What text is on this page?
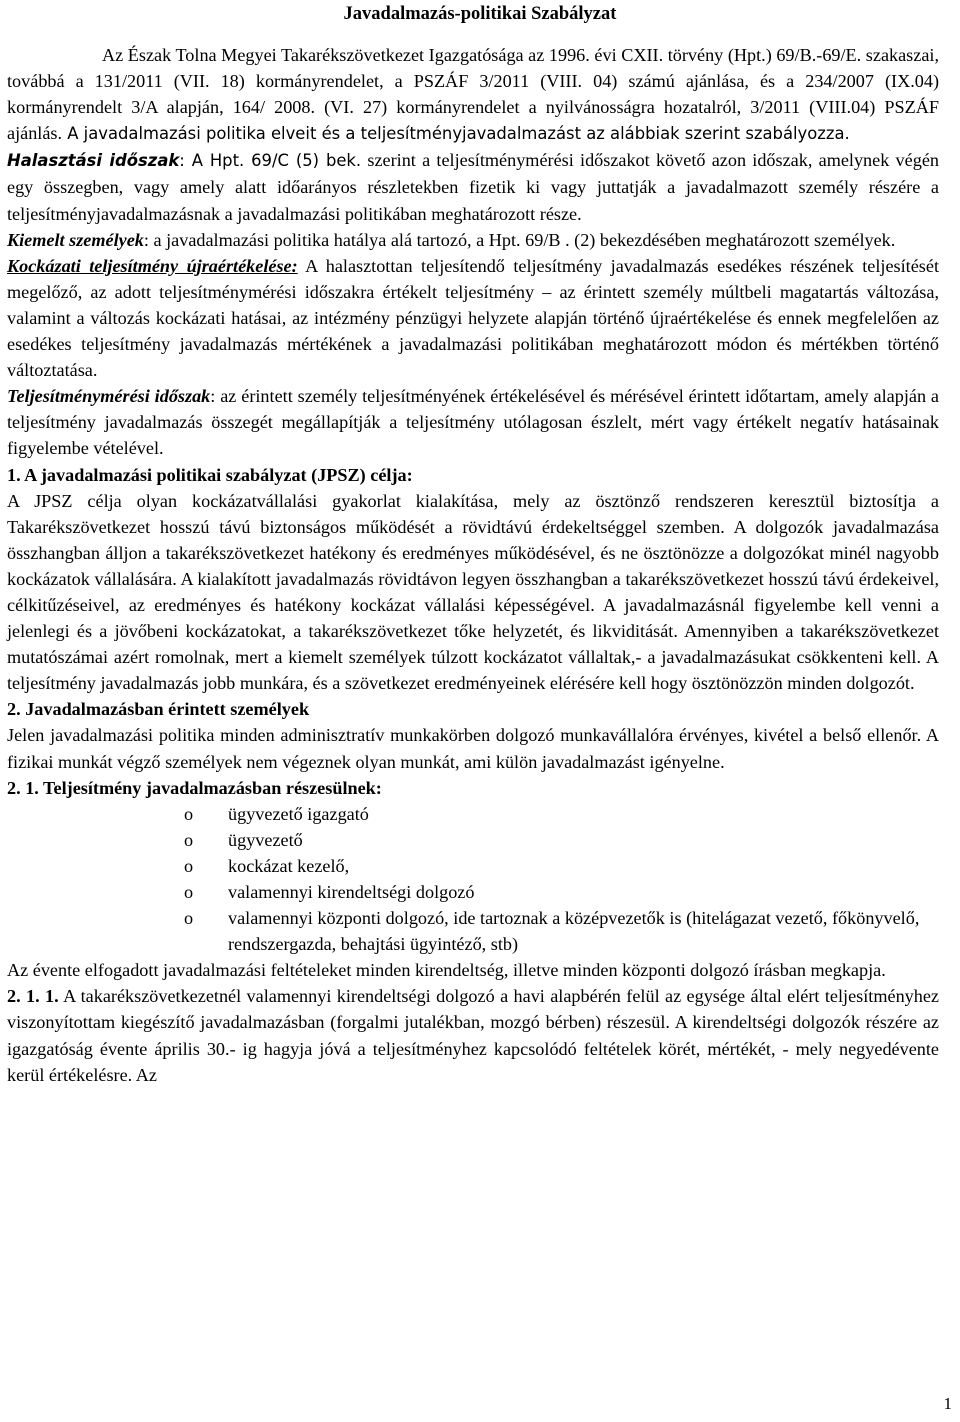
Javadalmazás-politikai Szabályzat

Az Észak Tolna Megyei Takarékszövetkezet Igazgatósága az 1996. évi CXII. törvény (Hpt.) 69/B.-69/E. szakaszai, továbbá a 131/2011 (VII. 18) kormányrendelet, a PSZÁF 3/2011 (VIII. 04) számú ajánlása, és a 234/2007 (IX.04) kormányrendelt 3/A alapján, 164/ 2008. (VI. 27) kormányrendelet a nyilvánosságra hozatalról, 3/2011 (VIII.04) PSZÁF ajánlás. A javadalmazási politika elveit és a teljesítményjavadalmazást az alábbiak szerint szabályozza.

Halasztási időszak: A Hpt. 69/C (5) bek. szerint a teljesítménymérési időszakot követő azon időszak, amelynek végén egy összegben, vagy amely alatt időarányos részletekben fizetik ki vagy juttatják a javadalmazott személy részére a teljesítményjavadalmazásnak a javadalmazási politikában meghatározott része.

Kiemelt személyek: a javadalmazási politika hatálya alá tartozó, a Hpt. 69/B . (2) bekezdésében meghatározott személyek.

Kockázati teljesítmény újraértékelése: A halasztottan teljesítendő teljesítmény javadalmazás esedékes részének teljesítését megelőző, az adott teljesítménymérési időszakra értékelt teljesítmény – az érintett személy múltbeli magatartás változása, valamint a változás kockázati hatásai, az intézmény pénzügyi helyzete alapján történő újraértékelése és ennek megfelelően az esedékes teljesítmény javadalmazás mértékének a javadalmazási politikában meghatározott módon és mértékben történő változtatása.

Teljesítménymérési időszak: az érintett személy teljesítményének értékelésével és mérésével érintett időtartam, amely alapján a teljesítmény javadalmazás összegét megállapítják a teljesítmény utólagosan észlelt, mért vagy értékelt negatív hatásainak figyelembe vételével.

1. A javadalmazási politikai szabályzat (JPSZ) célja:

A JPSZ célja olyan kockázatvállalási gyakorlat kialakítása, mely az ösztönző rendszeren keresztül biztosítja a Takarékszövetkezet hosszú távú biztonságos működését a rövidtávú érdekeltséggel szemben. A dolgozók javadalmazása összhangban álljon a takarékszövetkezet hatékony és eredményes működésével, és ne ösztönözze a dolgozókat minél nagyobb kockázatok vállalására. A kialakított javadalmazás rövidtávon legyen összhangban a takarékszövetkezet hosszú távú érdekeivel, célkitűzéseivel, az eredményes és hatékony kockázat vállalási képességével. A javadalmazásnál figyelembe kell venni a jelenlegi és a jövőbeni kockázatokat, a takarékszövetkezet tőke helyzetét, és likviditását. Amennyiben a takarékszövetkezet mutatószámai azért romolnak, mert a kiemelt személyek túlzott kockázatot vállaltak,- a javadalmazásukat csökkenteni kell. A teljesítmény javadalmazás jobb munkára, és a szövetkezet eredményeinek elérésére kell hogy ösztönözzön minden dolgozót.

2. Javadalmazásban érintett személyek

Jelen javadalmazási politika minden adminisztratív munkakörben dolgozó munkavállalóra érvényes, kivétel a belső ellenőr. A fizikai munkát végző személyek nem végeznek olyan munkát, ami külön javadalmazást igényelne.

2. 1. Teljesítmény javadalmazásban részesülnek:

o ügyvezető igazgató
o ügyvezető
o kockázat kezelő,
o valamennyi kirendeltségi dolgozó
o valamennyi központi dolgozó, ide tartoznak a középvezetők is (hitelágazat vezető, főkönyvelő, rendszergazda, behajtási ügyintéző, stb)

Az évente elfogadott javadalmazási feltételeket minden kirendeltség, illetve minden központi dolgozó írásban megkapja.

2. 1. 1. A takarékszövetkezetnél valamennyi kirendeltségi dolgozó a havi alapbérén felül az egysége által elért teljesítményhez viszonyítottam kiegészítő javadalmazásban (forgalmi jutalékban, mozgó bérben) részesül. A kirendeltségi dolgozók részére az igazgatóság évente április 30.- ig hagyja jóvá a teljesítményhez kapcsolódó feltételek körét, mértékét, - mely negyedévente kerül értékelésre. Az

1
